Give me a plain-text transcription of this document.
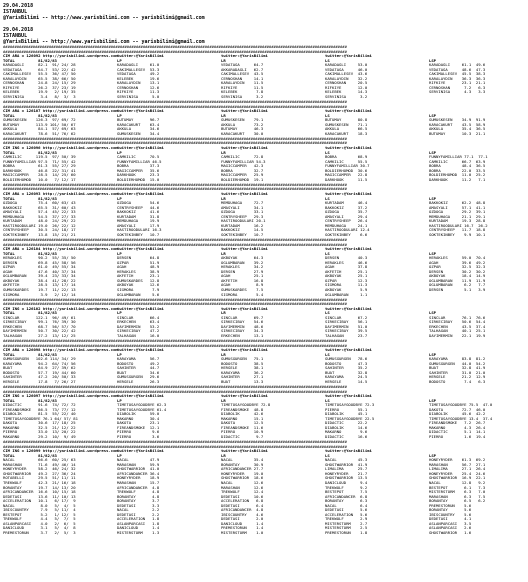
29.04.2018
ISTANBUL
@YarisBilimi -- http://www.yarisbilimi.com -- yarisbilimi@gmail.com
29.04.2018
ISTANBUL
@YarisBilimi -- http://www.yarisbilimi.com -- yarisbilimi@gmail.com
######################################################################################################################################################
######################################################################################################################################################
CIM ARA = 126092 http://yarisbilimi.wordpress.com twitter:@YarisBilimi	twitter:@YarisBilimi	twitter:@YarisBilimi
TOTAL          81/82/83	LP	LR	LS	LSP
KARADAGLI      82.1  91/ 24/ 28	KARADAGLI     61.0	VEDATAGA      64.7	KARADAGLI     53.0	KARADAGLI     61.1  49.6
VEDATAGA       64.7  53/ 22/ 42	CAKIMALLESEV  53.3	AKKARADAGLI   62.7	VEDATAGA      46.0	VEDATAGA      48.6  47.3
CAKIMALLESEV   55.5  36/ 47/ 50	VEDATAGA      49.2	CAKIMALLESEV  43.5	CAKIMALLESEV  43.6	CAKIMALLESEV  45.5  38.3
KARALAYDIN     65.5  38/ 66/ 50	KELEBEK       19.6	CERNOSHAN     14.1	KARALAYDIN    32.2	KARALAYDIN    36.3  36.3
CERNOSHAN      24.8  24/ 15/ 29	KARALAYDIN    13.1	KARALAYDIN    11.5	CERNOSHAN     20.5	RIFKIYE       23.1  21.1
RIFKIYE        26.2  37/ 23/ 19	CERNOSHAN     12.6	RIFKIYE       11.5	RIFKIYE       12.0	CERNOSHAN      7.2   6.3
KELEBEK        19.9   2/ 19/ 35	RIFKIYE       11.3	KELEBEK        7.8	KELEBEK       14.3	SERVINISA      4.3   3.3
SERVINISA       3.4   8/  3/  3	SERVINISA      5.0	SERVINISA      3.2	SERVINISA      3.2
######################################################################################################################################################
######################################################################################################################################################
CIM ARA = 126107 http://yarisbilimi.wordpress.com twitter:@YarisBilimi	twitter:@YarisBilimi	twitter:@YarisBilimi
TOTAL          81/82/83	LP	LR	LS	LSP
GUMUSKESEN    126.3  97/ 69/ 72	BUTUMAY       96.7	GUMUSKESEN    79.1	BUTUMAY       80.8	GUMUSKESEN    34.9  91.9
BUTUMAY       113.9 101/ 50/ 67	KARACAKURT    63.4	AKKULA        73.2	GUMUSKESEN    71.1	KARACAKURT    43.5  58.9
AKKULA         84.1  57/ 69/ 63	AKKULA        34.6	BUTUMAY       46.3	AKKULA        66.5	AKKULA        35.4  36.5
KARACAKURT     78.6  51/ 76/ 62	GUMUSKESEN    34.4	KARACAKURT    30.0	KARACAKURT    18.3	BUTUMAY       10.3  21.1
######################################################################################################################################################
######################################################################################################################################################
CIM ING = 126096 http://yarisbilimi.wordpress.com twitter:@YarisBilimi	twitter:@YarisBilimi	twitter:@YarisBilimi
TOTAL          81/82/83	LP	LR	LS	LSP
CAMKILIC      119.5  97/ 50/ 39	CAMKILIC      70.5	CAMKILIC      72.8	BOBRA         68.9	FUNNYFAMILLIAR 77.1  77.1
FUNNYFAMILLIAR 97.5  71/ 55/ 42	FUNNYFAMILLIAR 46.5	FUNNYFAMILLIAR 54.3	CAMKILIC      55.5	CAMKILIC      66.7  63.9
BOBRA          61.3  55/ 27/ 29	BOBRA         37.3	MAGICCAMPER   42.3	FUNNYFAMILLIAR 30.7	BOBRA         48.4  36.5
DARKHOOK       46.8  22/ 31/ 41	MAGICCAMPER   35.6	BOBRA         32.7	BOLDIERHOMOD  30.6	BOBRA         22.0  33.5
MAGICCAMPER    28.5  14/ 25/ 60	DARKHOOK      23.3	MAGICCAMPER   25.9	MAGICCAMPER   22.8	BOLDIERHOMOD  11.0  25.2
BOLDIERHOMOD   10.0   7/ 12/ 17	BOLDIERHOMOD  15.0	BOLDIERHOMOD  19.1	DARKHOOK      11.5	DARKHOOK      11.2   7.1
######################################################################################################################################################
######################################################################################################################################################
CIM ARA = 126093 http://yarisbilimi.wordpress.com twitter:@YarisBilimi	twitter:@YarisBilimi	twitter:@YarisBilimi
TOTAL          81/82/83	LP	LR	LS	LSP
OZDOGA         75.4  60/ 63/ 43	OZDOGA        54.6	MEMDUHAGA     72.7	KURTADAM      46.4	BAKKOKIZ      62.2  48.8
BAKKOKIZ       65.5  31/ 60/ 43	CENTRYSHEEP   44.6	AMASYALI      34.1	BAKKOKIZ      37.2	AMASYALI      57.1  41.1
AMASYALI       57.4  45/ 22/ 33	BAKKOKIZ      41.6	OZDOGA        33.1	OZDOGA        35.7	OZDOGA        29.2  39.1
MEMDUHAGA      54.5  37/ 27/ 33	KURTADAM      31.8	CENTRYSHEEP   29.3	AMASYALI      29.4	MEMDUHAGA     21.1  29.1
KURTADAM       48.0  24/ 29/ 22	MEMDUHAGA     19.9	HASTIROODULARI 20.1	CENTRYSHEEP   26.4	KURTADAM      19.3  28.8
HASTIROODULARI 19.0  26/ 22/ 12	AMASYALI      17.9	KURTADAM      16.2	MEMDUHAGA     24.1	HASTIROODULARI 16.7  26.2
CENTRYSHEEP    30.5  24/ 18/ 17	HASTIROODULARI 16.3	BAKKOKIZ      14.5	HASTIROODULARI 12.4	CENTRYSHEEP   11.7  18.8
GOKTEKINBEY    13.8  15/ 21/ 21	GOKTEKINBEY   10.7	GOKTEKINBEY   10.7	GOKTEKINBEY    6.6	GOKTEKINBEY    9.9  10.1
######################################################################################################################################################
######################################################################################################################################################
CIM ARA = 126104 http://yarisbilimi.wordpress.com twitter:@YarisBilimi	twitter:@YarisBilimi	twitter:@YarisBilimi
TOTAL          81/82/83	LP	LR	LS	LSP
HERAKLES       90.2  55/ 35/ 50	DERSEN        64.8	AKBOYAK       64.3	DERSEN        40.3	HERAKLES      59.0  70.4
DERSEN         69.8  45/ 58/ 56	OZPAR         51.9	OGLUMBARAN    39.2	HERAKLES      46.6	AGAH          39.6  49.2
OZPAR          61.0  49/ 55/ 34	AGAH          48.9	HERAKLES      34.2	AGAH          37.8	OZPAR         32.5  32.3
AGAH           47.6  40/ 37/ 34	HERAKLES      38.9	DERSEN        27.9	AKFETIH       25.1	DERSEN        30.2  30.2
OGLUMBARAN     39.4  23/ 33/ 34	AKFETIH       23.1	AGAH          25.1	AKBOYAK       25.1	AKBOYAK       18.4  14.9
AKBOYAK        38.4  41/ 28/ 22	GUMUSKARDES   12.8	AKFETIH       16.8	OZPAR         12.3	OGLUMBARAN    11.9  11.9
AKFETIH        28.5  13/ 17/ 14	AKBOYAK       12.6	AGAH           8.9	SIGMORA       11.3	OGLUMBARAN     6.2   7.7
GUMUSKARDES    19.7  11/ 22/ 13	SIGMORA        7.9	GUMUSKARDES    7.5	AKBOYAK        5.9	DERSEN         5.1   3.9
SIGMORA         3.9   2/ 12/ 14	OGLUMBARAN     5.6	SIGMORA        5.4	OGLUMBARAN     1.1
######################################################################################################################################################
######################################################################################################################################################
CIM ING = 126102 http://yarisbilimi.wordpress.com twitter:@YarisBilimi	twitter:@YarisBilimi	twitter:@YarisBilimi
TOTAL          81/82/83	LP	LR	LS	LSP
SINCLAR       122.1  96/ 49/ 61	SINCLAR       66.4	SINCLAR       69.7	SINCLAR       67.2	SINCLAR       76.1  76.6
SIRKECIBAY     99.1  76/ 39/ 30	ERKECHEN      63.4	SIRKECIBAY    54.6	SIRKECIBAY    56.1	SIRKECIBAY    50.6  54.4
ERKECHEN       68.7  56/ 57/ 70	DAYIMERMIN    53.2	DAYIMERMIN    48.6	DAYIMERMIN    51.0	ERKECHEN      43.5  37.4
DAYIMERMIN     50.7  30/ 22/ 42	SIRKECIBAY    47.2	SIRKECIBAY    34.3	SIRKECIBAY    39.5	TALHAGAN      40.1  25.1
TALHAGAN       27.2  13/ 12/ 25	TALHAGAN      16.0	ERKECHEN      13.1	TALHAGAN      23.7	DAYIMERMIN    22.1  19.9
######################################################################################################################################################
######################################################################################################################################################
CIM ARA = 126098 http://yarisbilimi.wordpress.com twitter:@YarisBilimi	twitter:@YarisBilimi	twitter:@YarisBilimi
TOTAL          81/82/83	LP	LR	LS	LSP
GUMUSGURGEN   102.6 114/ 34/ 29	KARAYAMA      56.7	GUMUSGURGEN   75.1	GUMUSGURGEN   78.6	KARAYAMA      83.8  81.2
KARAYAMA       94.2  64/ 74/ 56	BODOSTO       49.2	BODOSTO       38.5	BODOSTO       47.3	GUMUSGURGEN   44.0  54.2
BUAT           64.9  27/ 39/ 62	SAHINTER      44.7	HERGELE       38.1	SAHINTER      35.2	BUAT          32.8  41.9
BODOSTO        57.7  19/ 44/ 60	BUAT          34.6	KARAYAMA      36.2	BUAT          32.8	SAHINTER      31.0  21.0
SAHINTER       47.2  20/ 50/ 33	GUMUSGURGEN   29.6	SAHINTER      27.1	KARAYAMA      24.5	HERGELE       21.2  12.9
HERGELE        17.8   7/ 26/ 27	HERGELE       26.3	BUAT          13.3	HERGELE       14.5	BODOSTO        7.4   6.3
######################################################################################################################################################
######################################################################################################################################################
CIM ING = 126097 http://yarisbilimi.wordpress.com twitter:@YarisBilimi	twitter:@YarisBilimi	twitter:@YarisBilimi
TOTAL          81/82/83	LP	LR	LS	LSP
DIDACTIC       91.6  74/ 72/ 72	TIMETOSAYGOODBYE 62.3	TIMETOSAYGOODBYE 72.8	TIMETOSAYGOODBYE 72.3	TIMETOSAYGOODBYE 75.5  47.0
FIREANDSMOKE   86.5  73/ 77/ 12	TIMETOSAYGOODBYE 61.4	FIREANDSMOKE  48.8	PIERRO        55.1	DAKOTA        72.7  46.0
DIABOLIK       81.5  55/ 22/ 40	DIABOLIK      59.0	DIABOLIK      42.6	DIABOLIK      45.1	DIABOLIK      45.6  42.2
TIMETOSAYGOODBYE 76.1 64/ 57/ 81	MAKARNO       30.4	MAKARNO       15.1	TIMETOSAYGOODBYE 22.5	TIMETOSAYGOODBYE 13.4  37.4
DAKOTA         30.6  17/ 18/ 25	DAKOTA        23.1	DAKOTA        12.5	DIDACTIC      22.2	FIREANDSMOKE   7.2  26.7
MAKARNO        32.5  21/ 12/ 22	FIREANDSMOKE  12.1	FIREANDSMOKE  11.6	DIABOLIK      14.6	MAKARNO        4.3  26.4
PIERRO         33.0  13/ 20/ 22	PIERRO         9.6	PIERRO        10.9	MAKARNO        9.6	DIDACTIC       5.1  14.1
MAKARNO        29.2  10/  9/ 49	PIERRO         3.6	DIDACTIC       9.7	DIDACTIC      16.6	PIERRO         1.6  19.4
######################################################################################################################################################
######################################################################################################################################################
CIM ING = 126099 http://yarisbilimi.wordpress.com twitter:@YarisBilimi	twitter:@YarisBilimi	twitter:@YarisBilimi
TOTAL          81/82/83	LP	LR	LS	LSP
NACAL          66.6  60/ 25/ 63	NACAL         47.9	NACAL         35.4	NACAL         45.3	HONEYRYDER    61.3  69.2
MARASHAN       71.6  49/ 46/ 14	MARASHAN      59.9	BORANTAY      30.9	GHOSTWARRIOR  41.9	MARASHAN      56.7  27.1
HONEYRYDER     58.2  46/ 24/ 32	GHOSTWARRIOR  41.0	AFRICANDANCER 27.7	LIMALIMA      25.7	LIMALIMA      27.1  26.4
GHOSTWARRIOR   49.2  27/ 36/ 24	AFRICANDANCER 36.4	HONEYRYDER    19.0	HONEYRYDER    21.7	HONEYRYDER    25.4  24.6
ROTABELLI      29.5  51/ 11/ 11	HONEYRYDER    18.9	GHOSTWARRIOR  18.6	GHOSTWARRIOR  13.5	GHOSTWARRIOR  16.9  22.1
TREKWOLF       42.3  21/ 16/ 18	MARASHAN      15.7	NACAL         12.6	DANICLOUD      9.4	NACAL         12.8   9.2
BORANTAY       19.7  14/ 13/ 20	AFRICANDANCER  4.8	MARASHAN      12.6	TREKWOLF       9.2	BESTEPOT       6.1   7.3
AFRICANDANCER  16.6  10/ 15/ 18	TREKWOLF       4.8	TREKWOLF      12.4	BESTEPOT       7.5	MISTERSTORM    6.3   7.0
DEDETASI       13.6  11/ 10/ 13	BORANTAY       4.8	DEDETASI      10.6	AFRICANDANCER  6.8	MARASHAN       6.3   7.5
ACCELERATION   10.1   6/ 17/  9	BORANTAY       3.7	ACCELERATION   6.8	BORANTAY       6.3	BORANTAY       6.5   6.2
NACAL           8.0   5/  4/  5	DEDETASI       3.3	DEDETASI       6.4	NACAL          6.4	PREMESTORUN    5.6
IBISCOUNTRY     7.9   5/ 11/  4	NACAL          2.2	AFRICANDANCER  4.8	DEDETASI       5.6	BORANTAY       5.6
BESTEPOT        5.2   1/ 12/  5	DEDETASI       2.2	IBISCOUNTRY    4.6	ACCELERATION   5.6	IBISCOUNTRY    5.6
TREKWOLF        4.4   5/  7/  5	ACCELERATION   1.8	DEDETASI       2.0	TREKWOLF       2.9	DEDETASI       4.1
ASLANPARCASI    4.0   2/  6/  5	ASLANPARCASI   1.8	DANICLOUD      1.4	MISTERSTORM    2.7	ASLANPARCASI   3.5
DANICLOUD       3.1   5/  4/  8	DANICLOUD      1.4	PREMESTORUN    1.4	MISTERSTORM    2.5	ASLANPARCASI   2.6
PREMESTORUN     3.7   2/  5/  3	MISTERSTORM    1.3	MISTERSTORM    1.0	PREMESTORUN    1.8	GHOSTWARRIOR   1.6
